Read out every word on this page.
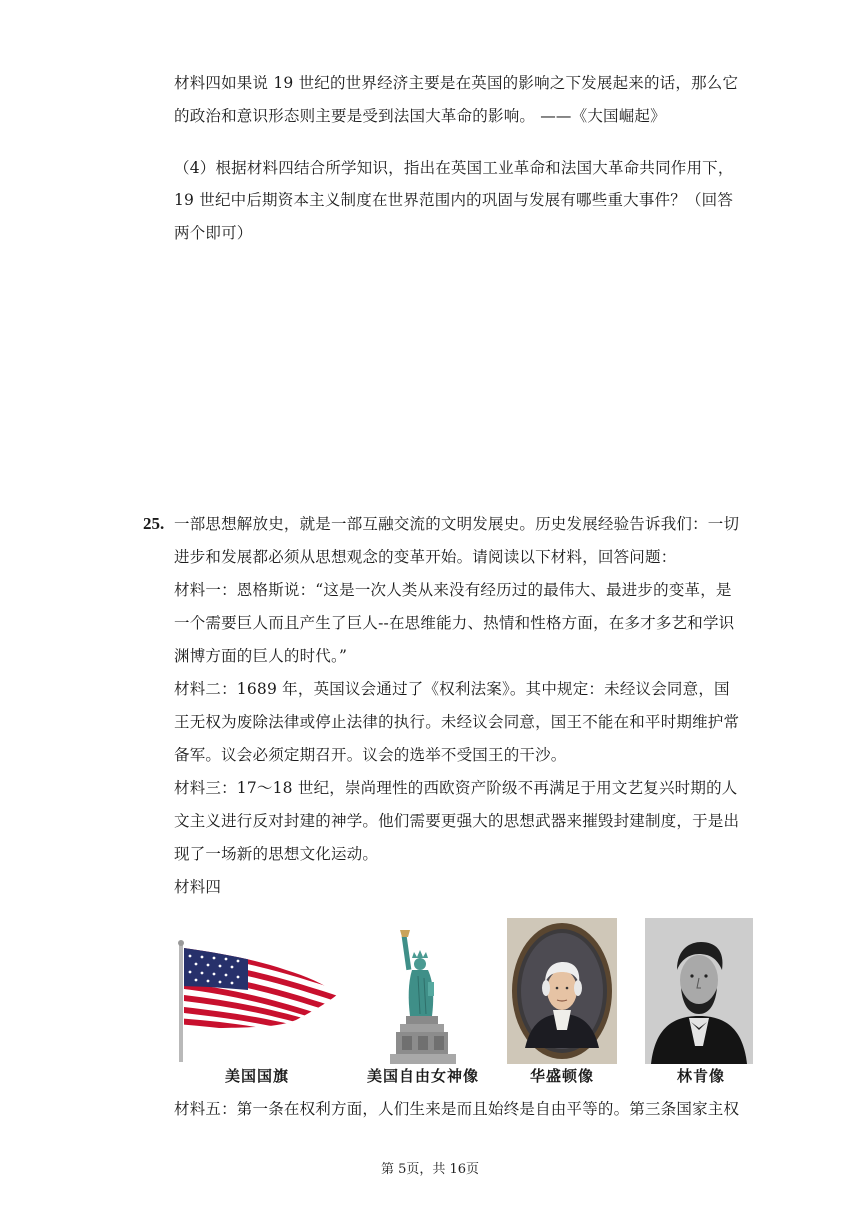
材料四如果说 19 世纪的世界经济主要是在英国的影响之下发展起来的话，那么它
的政治和意识形态则主要是受到法国大革命的影响。 ——《大国崛起》
（4）根据材料四结合所学知识，指出在英国工业革命和法国大革命共同作用下，
19 世纪中后期资本主义制度在世界范围内的巩固与发展有哪些重大事件？（回答
两个即可）
25. 一部思想解放史，就是一部互融交流的文明发展史。历史发展经验告诉我们：一切
进步和发展都必须从思想观念的变革开始。请阅读以下材料，回答问题：
材料一：恩格斯说：“这是一次人类从来没有经历过的最伟大、最进步的变革，是
一个需要巨人而且产生了巨人--在思维能力、热情和性格方面，在多才多艺和学识
渊博方面的巨人的时代。”
材料二：1689 年，英国议会通过了《权利法案》。其中规定：未经议会同意，国
王无权为废除法律或停止法律的执行。未经议会同意，国王不能在和平时期维护常
备军。议会必须定期召开。议会的选举不受国王的干沙。
材料三：17～18 世纪，崇尚理性的西欧资产阶级不再满足于用文艺复兴时期的人
文主义进行反对封建的神学。他们需要更强大的思想武器来摧毁封建制度，于是出
现了一场新的思想文化运动。
材料四
美国国旗	美国自由女神像	华盛顿像	林肯像
材料五：第一条在权利方面，人们生来是而且始终是自由平等的。第三条国家主权
第 5页，共 16页
